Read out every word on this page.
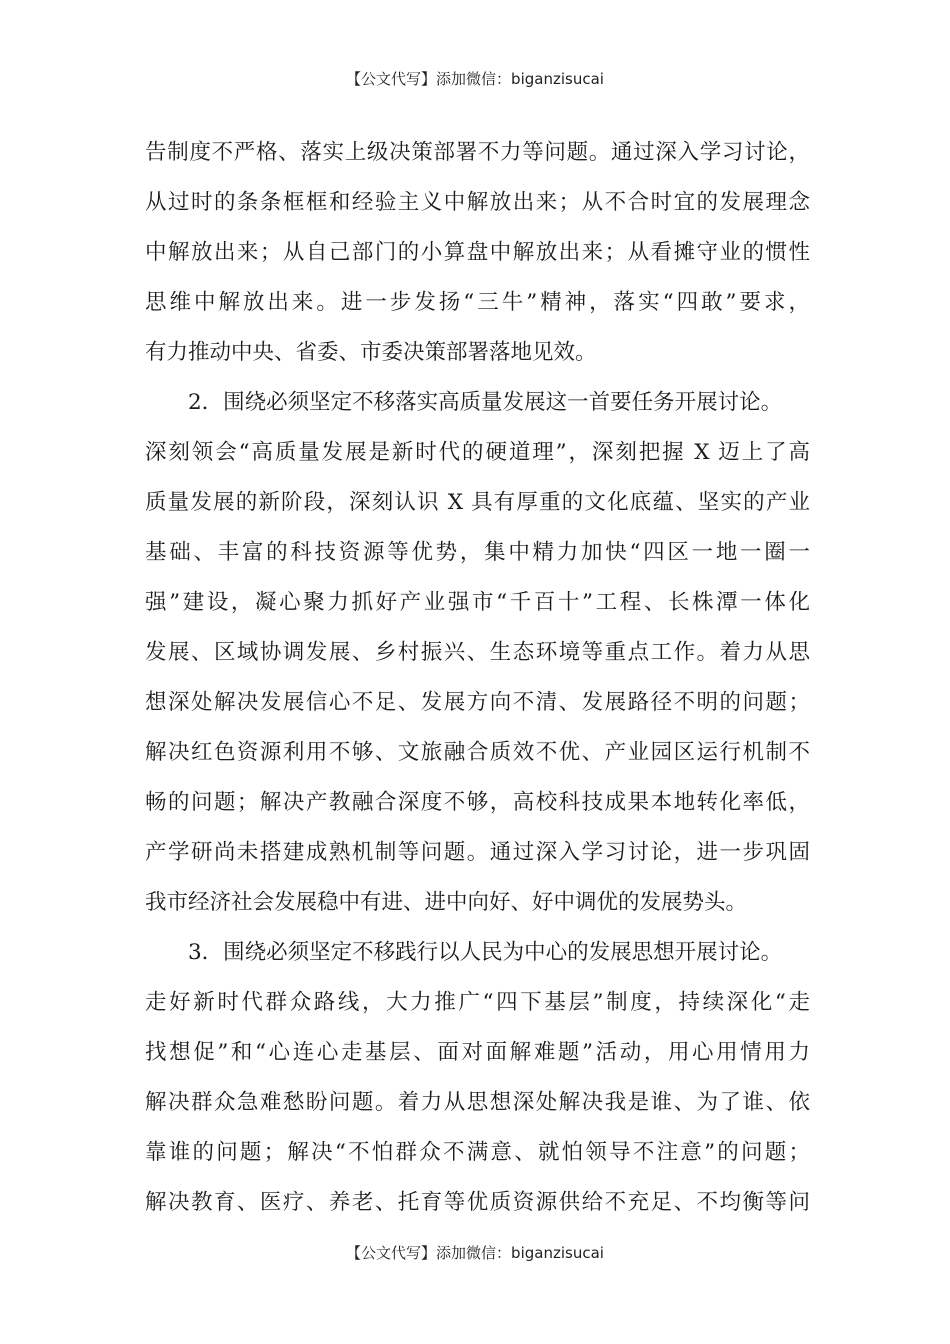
【公文代写】添加微信：biganzisucai
告制度不严格、落实上级决策部署不力等问题。通过深入学习讨论，
从过时的条条框框和经验主义中解放出来；从不合时宜的发展理念
中解放出来；从自己部门的小算盘中解放出来；从看摊守业的惯性
思维中解放出来。进一步发扬“三牛”精神，落实“四敢”要求，
有力推动中央、省委、市委决策部署落地见效。
2．围绕必须坚定不移落实高质量发展这一首要任务开展讨论。
深刻领会“高质量发展是新时代的硬道理”，深刻把握 X 迈上了高
质量发展的新阶段，深刻认识 X 具有厚重的文化底蕴、坚实的产业
基础、丰富的科技资源等优势，集中精力加快“四区一地一圈一
强”建设，凝心聚力抓好产业强市“千百十”工程、长株潭一体化
发展、区域协调发展、乡村振兴、生态环境等重点工作。着力从思
想深处解决发展信心不足、发展方向不清、发展路径不明的问题；
解决红色资源利用不够、文旅融合质效不优、产业园区运行机制不
畅的问题；解决产教融合深度不够，高校科技成果本地转化率低，
产学研尚未搭建成熟机制等问题。通过深入学习讨论，进一步巩固
我市经济社会发展稳中有进、进中向好、好中调优的发展势头。
3．围绕必须坚定不移践行以人民为中心的发展思想开展讨论。
走好新时代群众路线，大力推广“四下基层”制度，持续深化“走
找想促”和“心连心走基层、面对面解难题”活动，用心用情用力
解决群众急难愁盼问题。着力从思想深处解决我是谁、为了谁、依
靠谁的问题；解决“不怕群众不满意、就怕领导不注意”的问题；
解决教育、医疗、养老、托育等优质资源供给不充足、不均衡等问
【公文代写】添加微信：biganzisucai
